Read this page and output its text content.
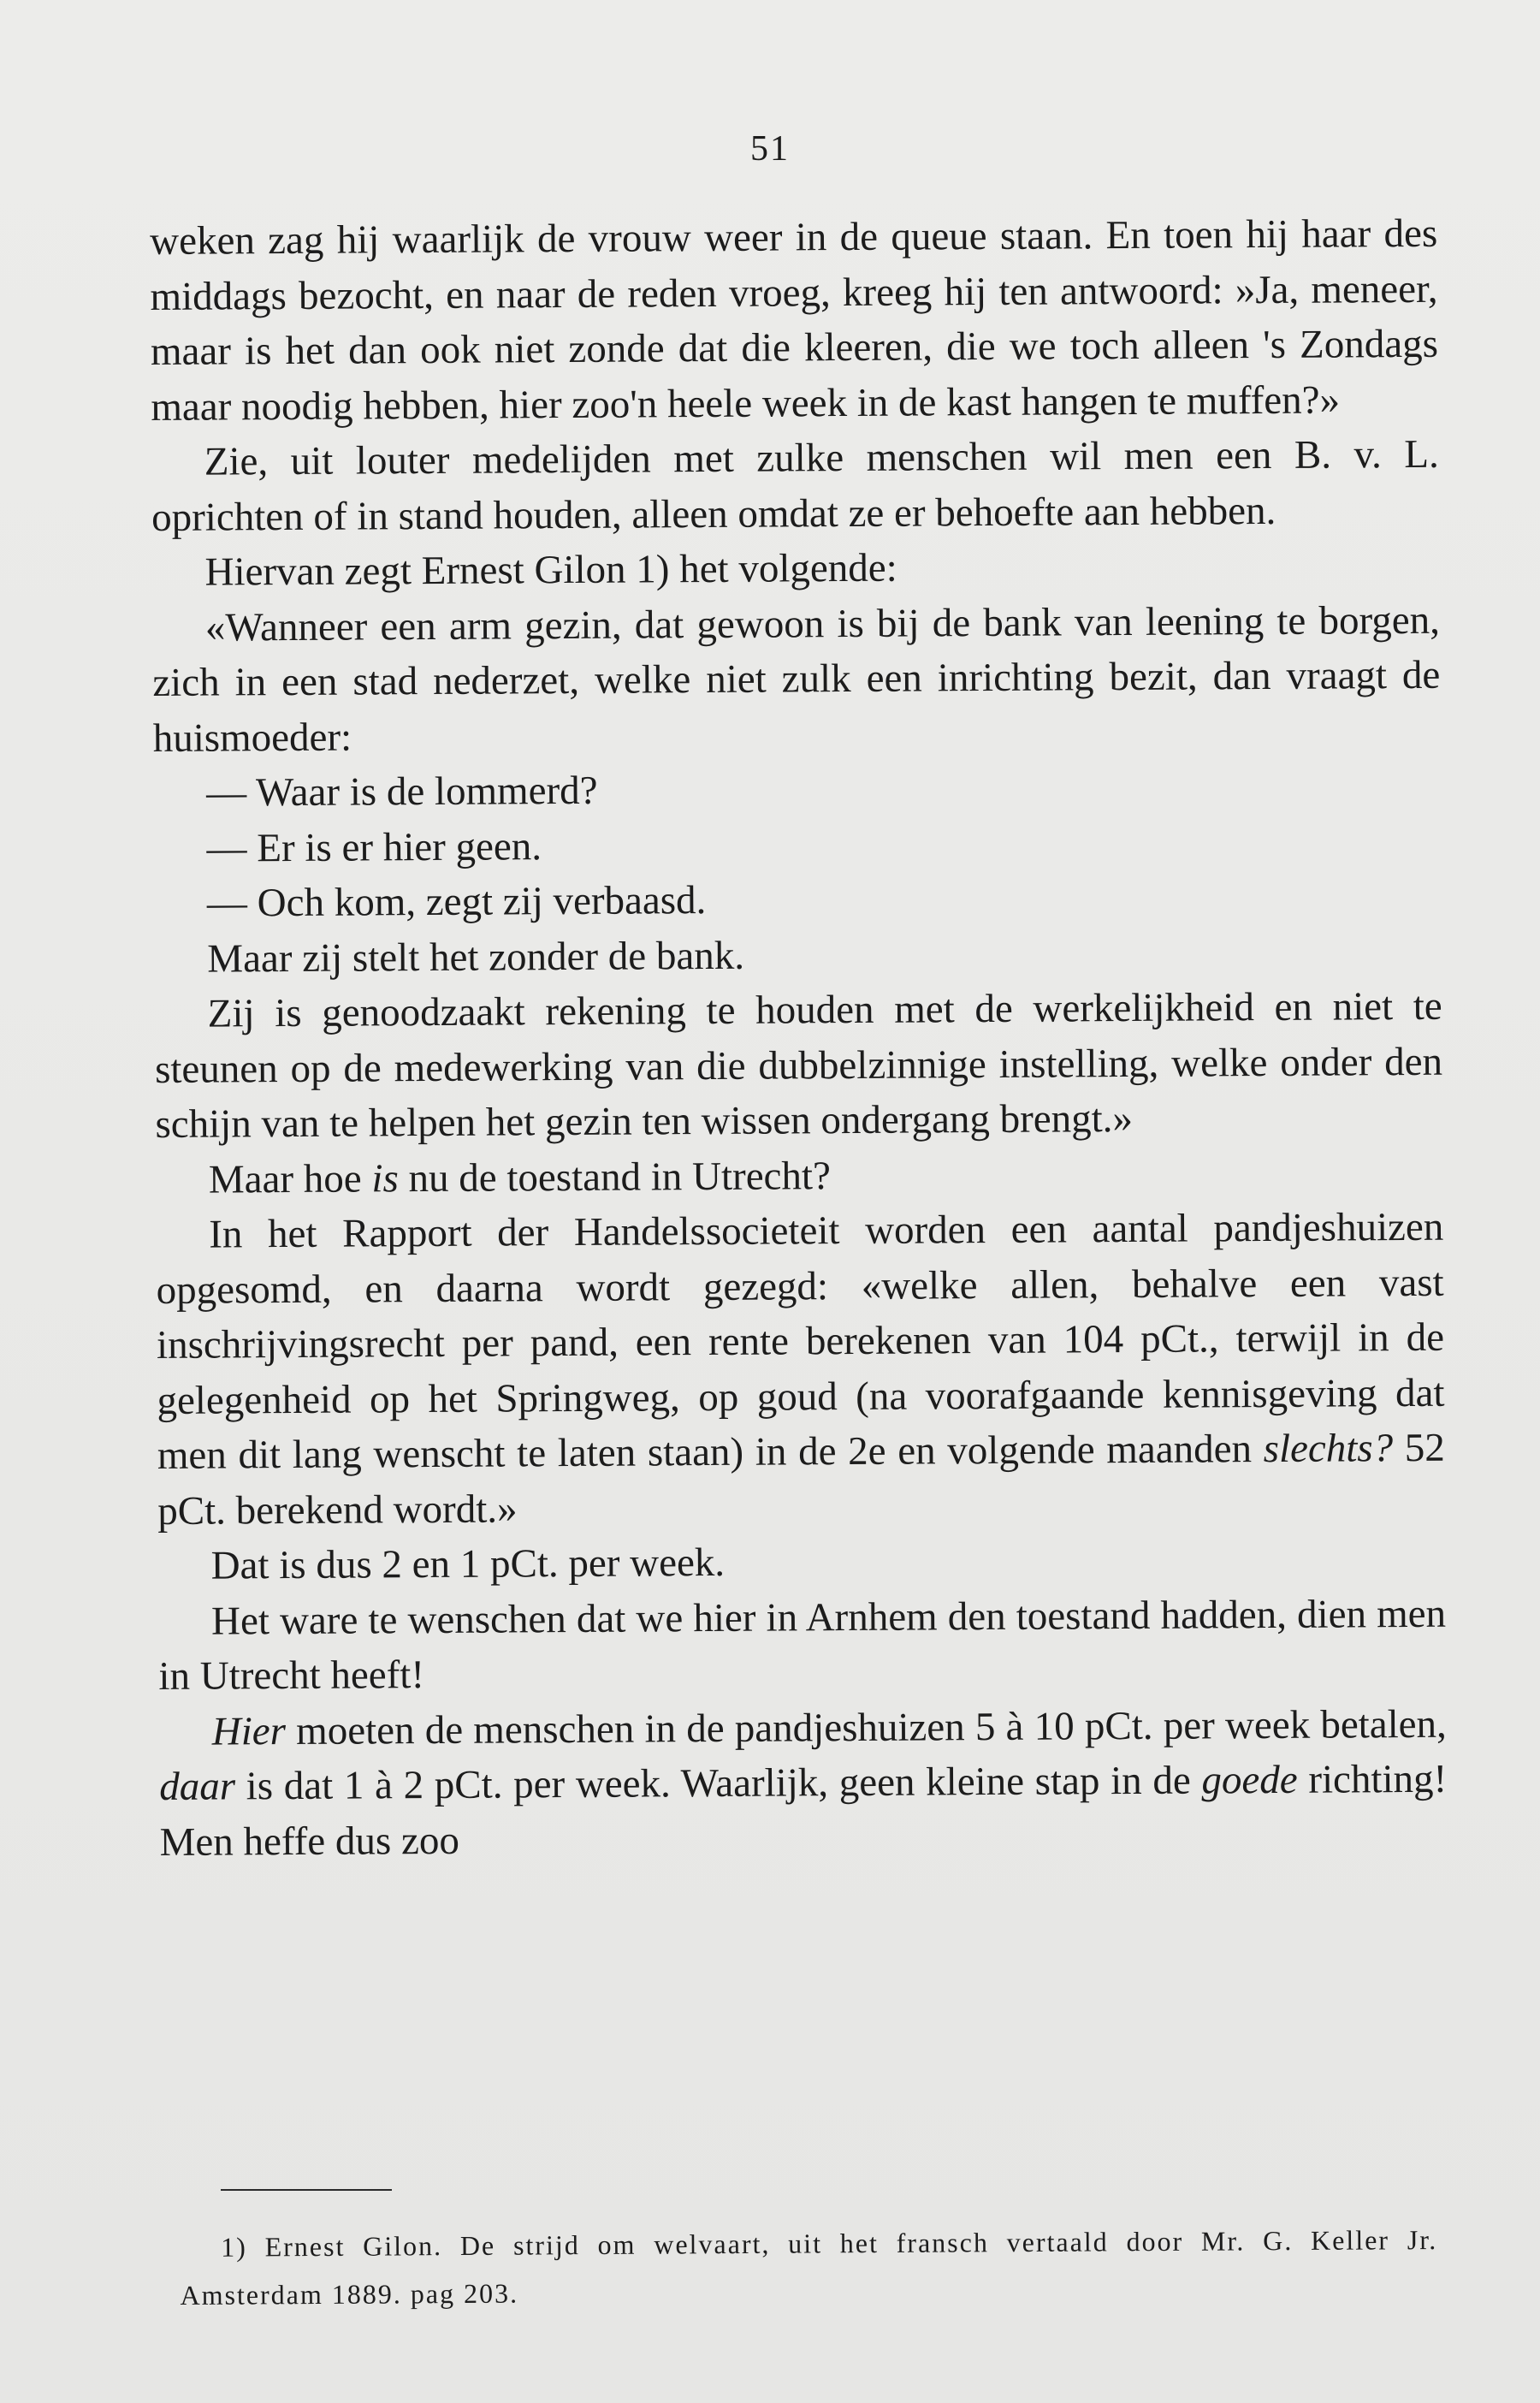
51

weken zag hij waarlijk de vrouw weer in de queue staan. En toen hij haar des middags bezocht, en naar de reden vroeg, kreeg hij ten antwoord: »Ja, meneer, maar is het dan ook niet zonde dat die kleeren, die we toch alleen 's Zondags maar noodig hebben, hier zoo'n heele week in de kast hangen te muffen?»

Zie, uit louter medelijden met zulke menschen wil men een B. v. L. oprichten of in stand houden, alleen omdat ze er behoefte aan hebben.

Hiervan zegt Ernest Gilon 1) het volgende:

«Wanneer een arm gezin, dat gewoon is bij de bank van leening te borgen, zich in een stad nederzet, welke niet zulk een inrichting bezit, dan vraagt de huismoeder:

— Waar is de lommerd?

— Er is er hier geen.

— Och kom, zegt zij verbaasd.

Maar zij stelt het zonder de bank.

Zij is genoodzaakt rekening te houden met de werkelijkheid en niet te steunen op de medewerking van die dubbelzinnige instelling, welke onder den schijn van te helpen het gezin ten wissen ondergang brengt.»

Maar hoe is nu de toestand in Utrecht?

In het Rapport der Handelssocieteit worden een aantal pandjeshuizen opgesomd, en daarna wordt gezegd: «welke allen, behalve een vast inschrijvingsrecht per pand, een rente berekenen van 104 pCt., terwijl in de gelegenheid op het Springweg, op goud (na voorafgaande kennisgeving dat men dit lang wenscht te laten staan) in de 2e en volgende maanden slechts? 52 pCt. berekend wordt.»

Dat is dus 2 en 1 pCt. per week.

Het ware te wenschen dat we hier in Arnhem den toestand hadden, dien men in Utrecht heeft!

Hier moeten de menschen in de pandjeshuizen 5 à 10 pCt. per week betalen, daar is dat 1 à 2 pCt. per week. Waarlijk, geen kleine stap in de goede richting! Men heffe dus zoo

1) Ernest Gilon. De strijd om welvaart, uit het fransch vertaald door Mr. G. Keller Jr. Amsterdam 1889. pag 203.
